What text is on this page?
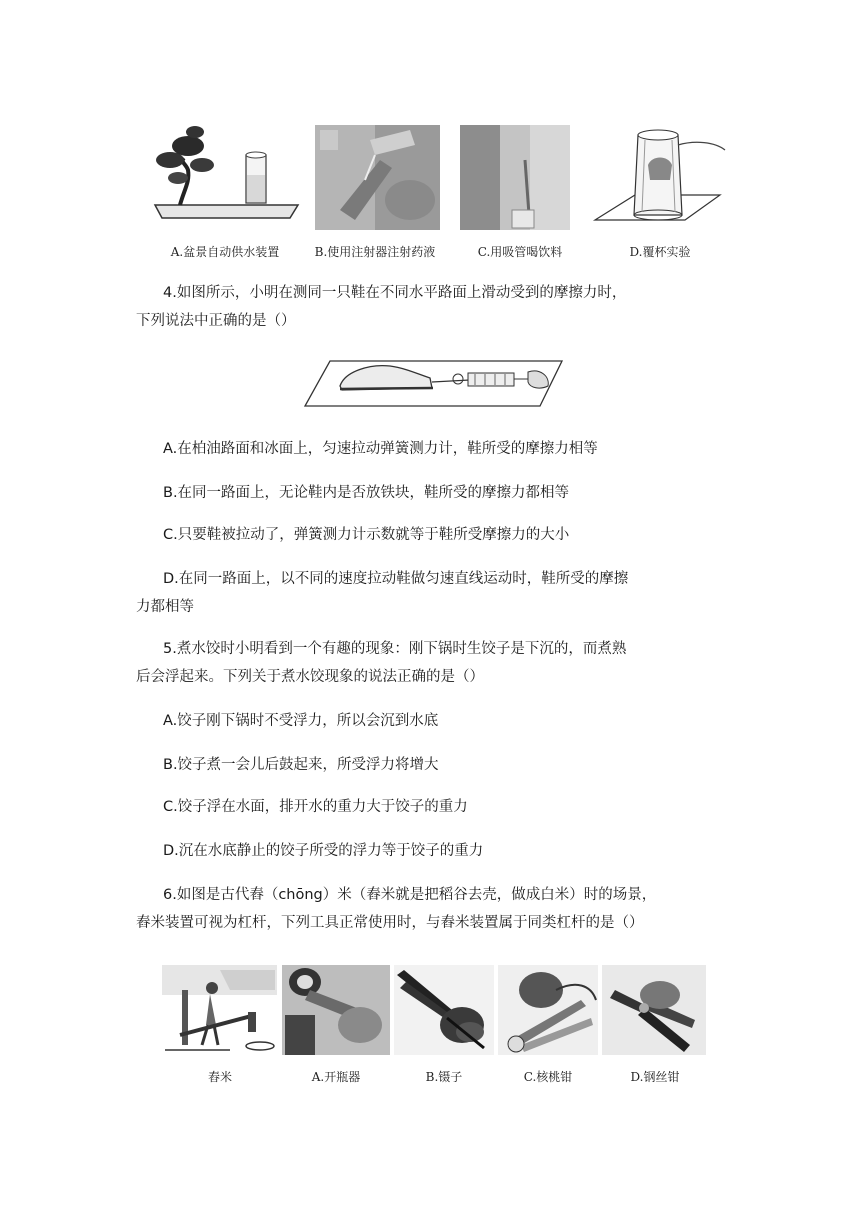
A.盆景自动供水装置	B.使用注射器注射药液	C.用吸管喝饮料	D.覆杯实验
4.如图所示，小明在测同一只鞋在不同水平路面上滑动受到的摩擦力时，
下列说法中正确的是（）
A.在柏油路面和冰面上，匀速拉动弹簧测力计，鞋所受的摩擦力相等
B.在同一路面上，无论鞋内是否放铁块，鞋所受的摩擦力都相等
C.只要鞋被拉动了，弹簧测力计示数就等于鞋所受摩擦力的大小
D.在同一路面上，以不同的速度拉动鞋做匀速直线运动时，鞋所受的摩擦
力都相等
5.煮水饺时小明看到一个有趣的现象：刚下锅时生饺子是下沉的，而煮熟
后会浮起来。下列关于煮水饺现象的说法正确的是（）
A.饺子刚下锅时不受浮力，所以会沉到水底
B.饺子煮一会儿后鼓起来，所受浮力将增大
C.饺子浮在水面，排开水的重力大于饺子的重力
D.沉在水底静止的饺子所受的浮力等于饺子的重力
6.如图是古代舂（chōng）米（舂米就是把稻谷去壳，做成白米）时的场景，
舂米装置可视为杠杆，下列工具正常使用时，与舂米装置属于同类杠杆的是（）
舂米	A.开瓶器	B.镊子	C.核桃钳	D.钢丝钳
